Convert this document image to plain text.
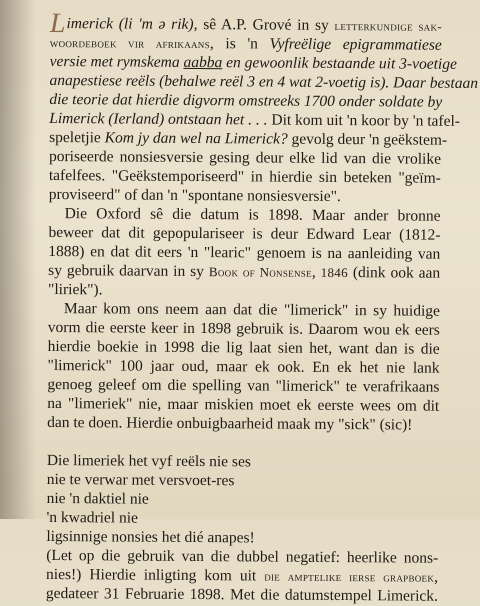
Limerick (li 'm ə rik), sê A.P. Grové in sy letterkundige sak-
woordeboek vir afrikaans, is 'n Vyfreëlige epigrammatiese
versie met rymskema aabba en gewoonlik bestaande uit 3-voetige
anapestiese reëls (behalwe reël 3 en 4 wat 2-voetig is). Daar bestaan
die teorie dat hierdie digvorm omstreeks 1700 onder soldate by
Limerick (Ierland) ontstaan het . . . Dit kom uit 'n koor by 'n tafel-
speletjie Kom jy dan wel na Limerick? gevolg deur 'n geëkstem-
poriseerde nonsiesversie gesing deur elke lid van die vrolike
tafelfees. "Geëkstemporiseerd" in hierdie sin beteken "geïm-
proviseerd" of dan 'n "spontane nonsiesversie".
Die Oxford sê die datum is 1898. Maar ander bronne
beweer dat dit gepopulariseer is deur Edward Lear (1812-
1888) en dat dit eers 'n "learic" genoem is na aanleiding van
sy gebruik daarvan in sy Book of Nonsense, 1846 (dink ook aan
"liriek").
Maar kom ons neem aan dat die "limerick" in sy huidige
vorm die eerste keer in 1898 gebruik is. Daarom wou ek eers
hierdie boekie in 1998 die lig laat sien het, want dan is die
"limerick" 100 jaar oud, maar ek ook. En ek het nie lank
genoeg geleef om die spelling van "limerick" te verafrikaans
na "limeriek" nie, maar miskien moet ek eerste wees om dit
dan te doen. Hierdie onbuigbaarheid maak my "sick" (sic)!
Die limeriek het vyf reëls nie ses
nie te verwar met versvoet-res
nie 'n daktiel nie
'n kwadriel nie
ligsinnige nonsies het dié anapes!
(Let op die gebruik van die dubbel negatief: heerlike nons-
nies!) Hierdie inligting kom uit die amptelike ierse grapboek,
gedateer 31 Februarie 1898. Met die datumstempel Limerick.
